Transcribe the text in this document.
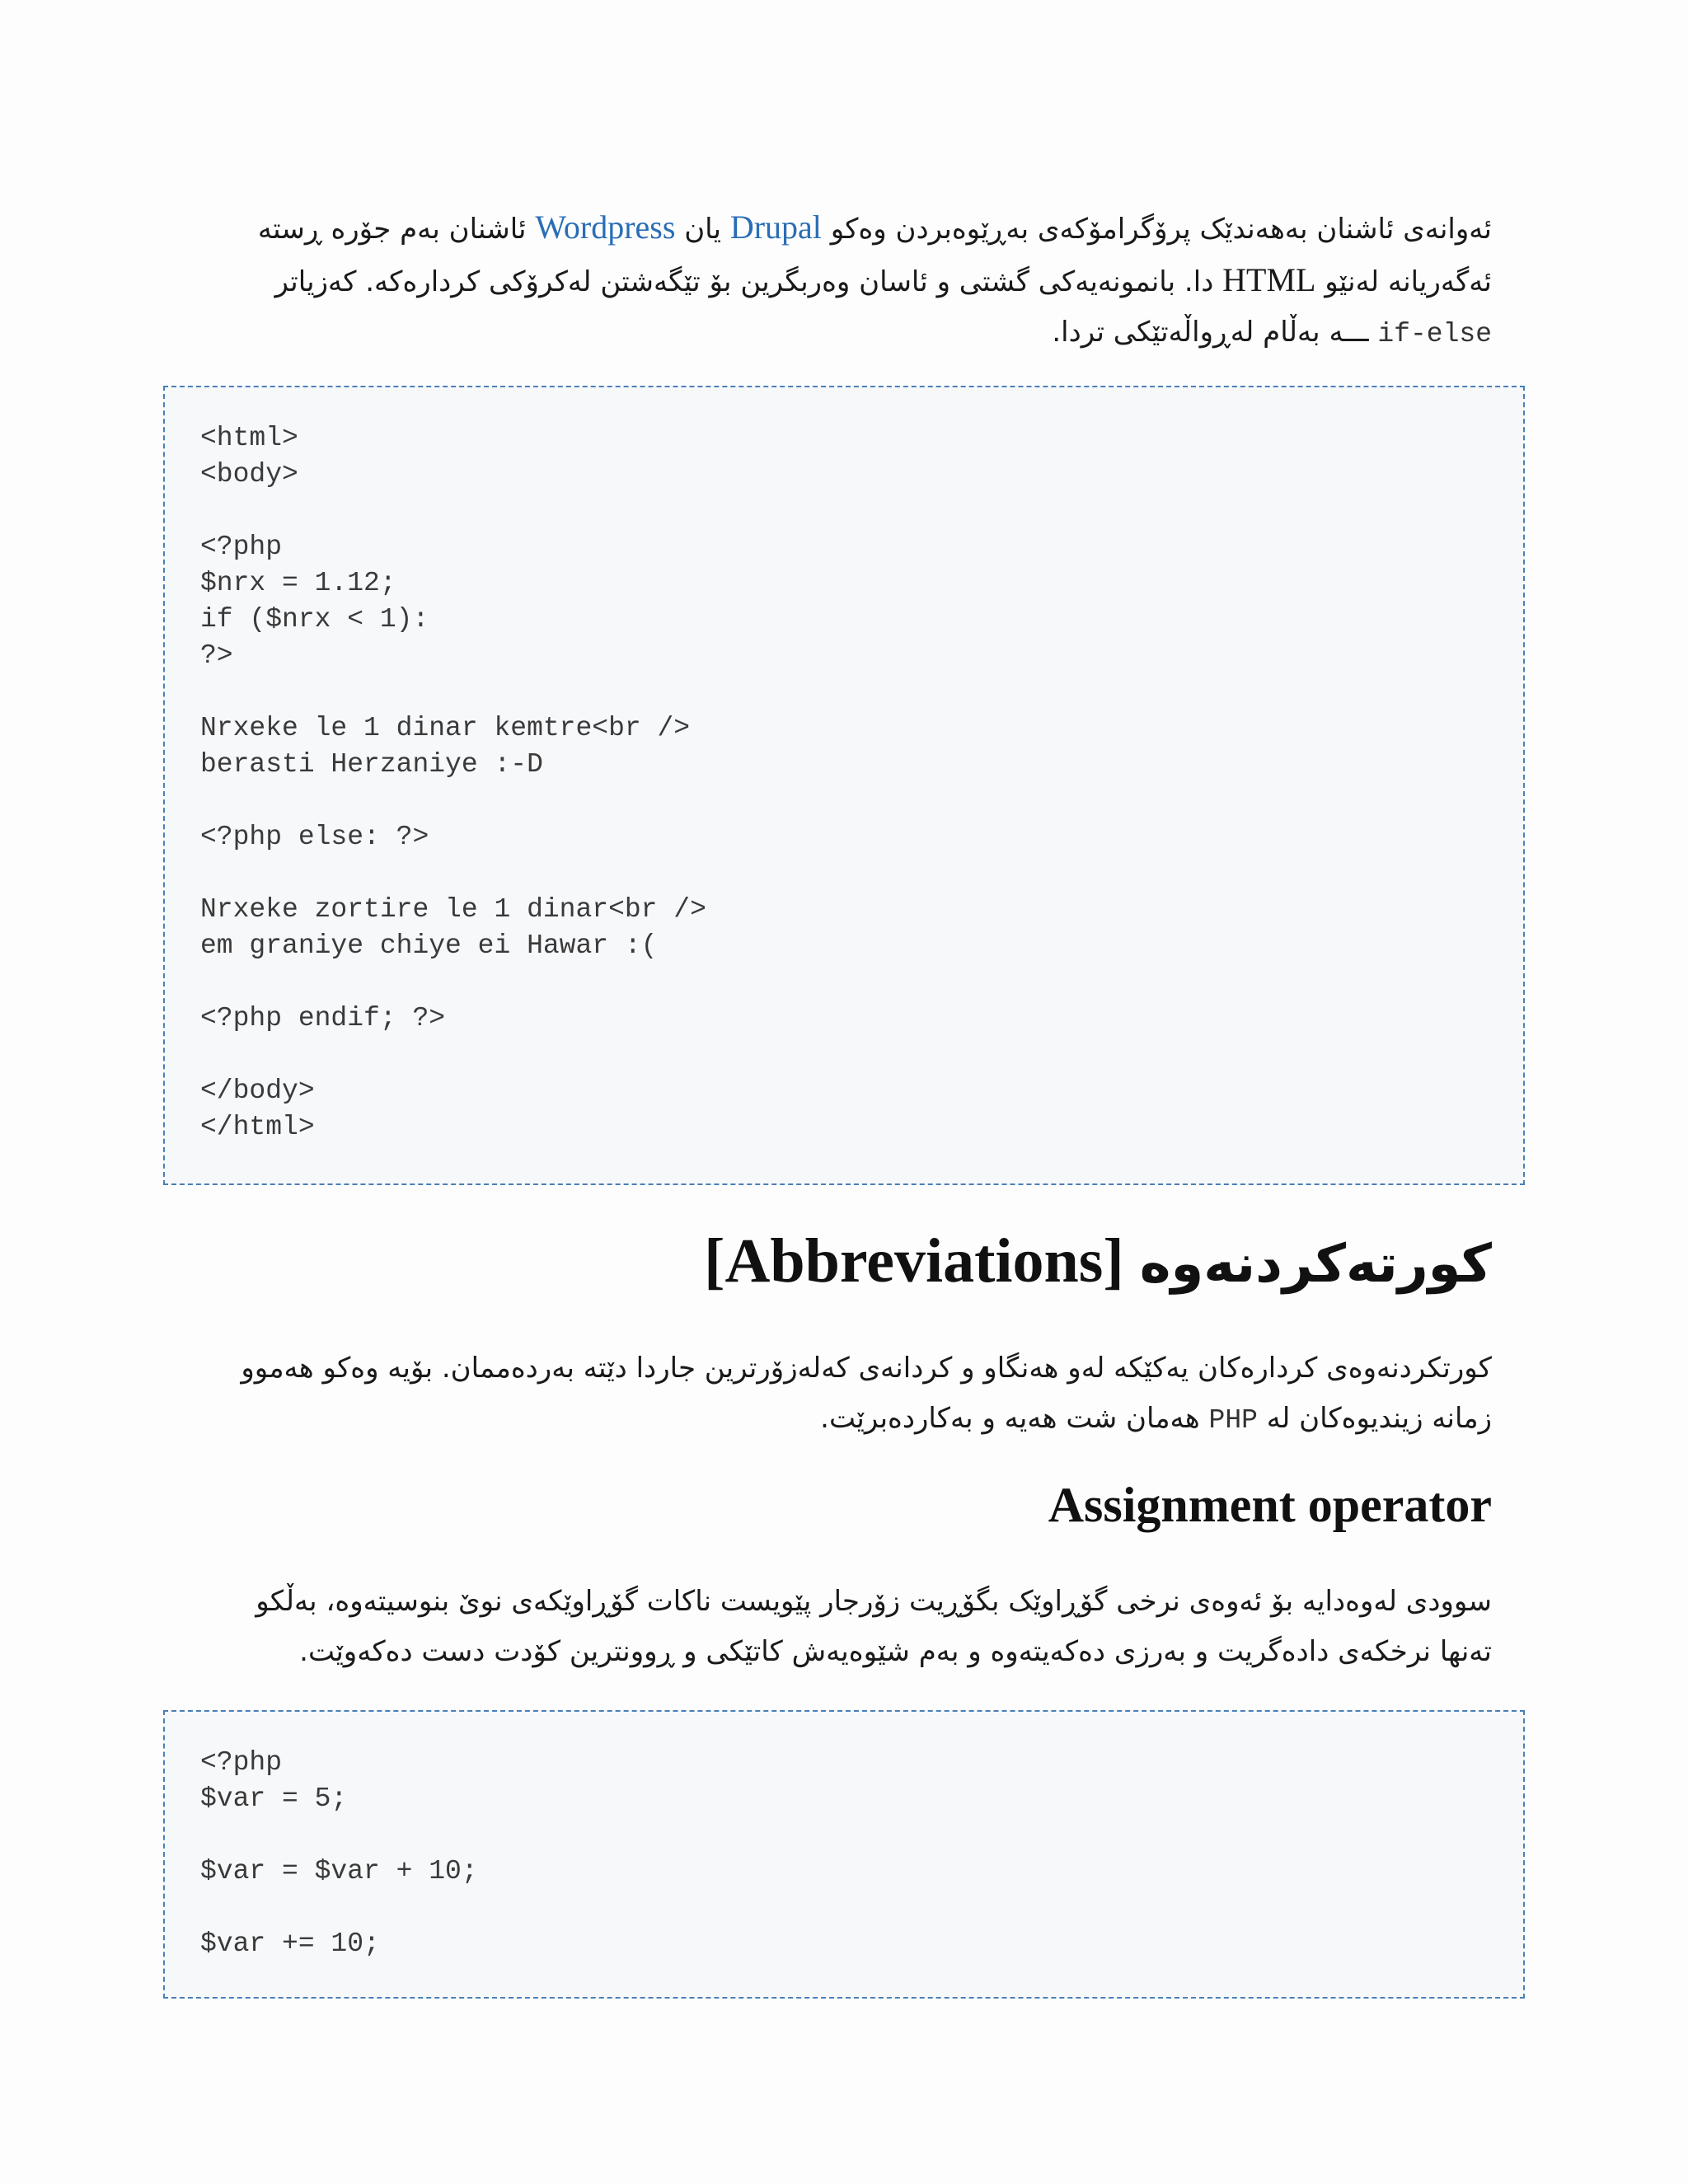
ئەوانەی ئاشنان بەهەندێک پرۆگرامۆکەی بەڕێوەبردن وەکو Drupal یان Wordpress ئاشنان بەم جۆرە ڕستە ئەگەریانە لەنێو HTML دا. بانمونەیەکی گشتی و ئاسان وەربگرین بۆ تێگەشتن لەکرۆکی کردارەکە. کەزیاتر if-else ـــە بەڵام لەڕواڵەتێکی تردا.

<html>
<body>

<?php
$nrx = 1.12;
if ($nrx < 1):
?>

Nrxeke le 1 dinar kemtre<br />
berasti Herzaniye :-D

<?php else: ?>

Nrxeke zortire le 1 dinar<br />
em graniye chiye ei Hawar :(

<?php endif; ?>

</body>
</html>
کورتەکردنەوە [Abbreviations]

کورتکردنەوەی کردارەکان یەکێکە لەو هەنگاو و کردانەی کەلەزۆرترین جاردا دێتە بەردەممان. بۆیە وەکو هەموو زمانە زیندیوەکان لە PHP هەمان شت هەیە و بەکاردەبرێت.

Assignment operator

سوودی لەوەدایە بۆ ئەوەی نرخی گۆڕاوێک بگۆڕیت زۆرجار پێویست ناکات گۆڕاوێکەی نوێ بنوسیتەوە، بەڵکو تەنها نرخکەی دادەگریت و بەرزی دەکەیتەوە و بەم شێوەیەش کاتێکی و ڕوونترین کۆدت دست دەکەوێت.

<?php
$var = 5;

$var = $var + 10;

$var += 10;
